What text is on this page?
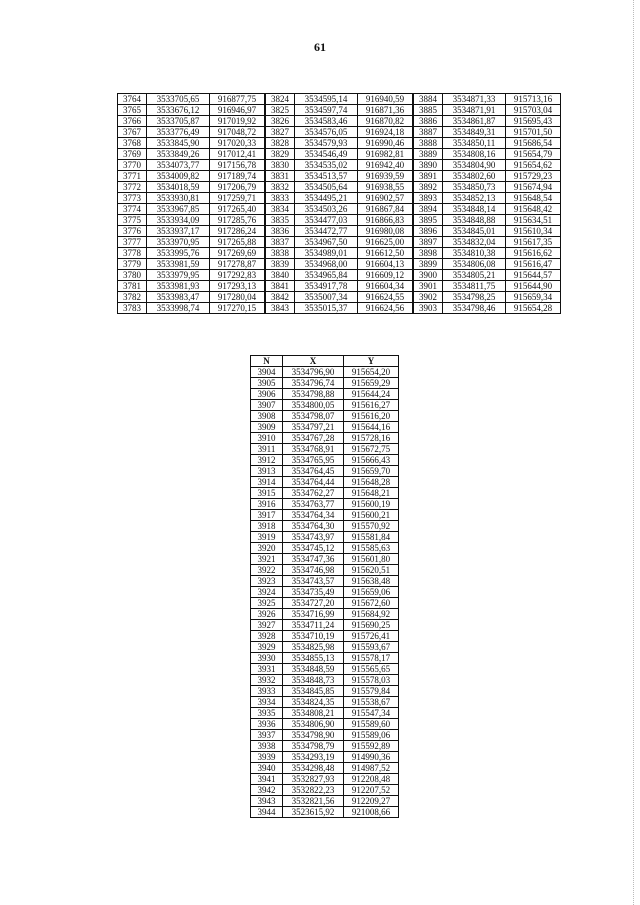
61
3764	3533705,65	916877,75	3824	3534595,14	916940,59	3884	3534871,33	915713,16
3765	3533676,12	916946,97	3825	3534597,74	916871,36	3885	3534871,91	915703,04
3766	3533705,87	917019,92	3826	3534583,46	916870,82	3886	3534861,87	915695,43
3767	3533776,49	917048,72	3827	3534576,05	916924,18	3887	3534849,31	915701,50
3768	3533845,90	917020,33	3828	3534579,93	916990,46	3888	3534850,11	915686,54
3769	3533849,26	917012,41	3829	3534546,49	916982,81	3889	3534808,16	915654,79
3770	3534073,77	917156,78	3830	3534535,02	916942,40	3890	3534804,90	915654,62
3771	3534009,82	917189,74	3831	3534513,57	916939,59	3891	3534802,60	915729,23
3772	3534018,59	917206,79	3832	3534505,64	916938,55	3892	3534850,73	915674,94
3773	3533930,81	917259,71	3833	3534495,21	916902,57	3893	3534852,13	915648,54
3774	3533967,85	917265,40	3834	3534503,26	916867,84	3894	3534848,14	915648,42
3775	3533934,09	917285,76	3835	3534477,03	916866,83	3895	3534848,88	915634,51
3776	3533937,17	917286,24	3836	3534472,77	916980,08	3896	3534845,01	915610,34
3777	3533970,95	917265,88	3837	3534967,50	916625,00	3897	3534832,04	915617,35
3778	3533995,76	917269,69	3838	3534989,01	916612,50	3898	3534810,38	915616,62
3779	3533981,59	917278,87	3839	3534968,00	916604,13	3899	3534806,08	915616,47
3780	3533979,95	917292,83	3840	3534965,84	916609,12	3900	3534805,21	915644,57
3781	3533981,93	917293,13	3841	3534917,78	916604,34	3901	3534811,75	915644,90
3782	3533983,47	917280,04	3842	3535007,34	916624,55	3902	3534798,25	915659,34
3783	3533998,74	917270,15	3843	3535015,37	916624,56	3903	3534798,46	915654,28
N	X	Y
3904	3534796,90	915654,20
3905	3534796,74	915659,29
3906	3534798,88	915644,24
3907	3534800,05	915616,27
3908	3534798,07	915616,20
3909	3534797,21	915644,16
3910	3534767,28	915728,16
3911	3534768,91	915672,75
3912	3534765,95	915666,43
3913	3534764,45	915659,70
3914	3534764,44	915648,28
3915	3534762,27	915648,21
3916	3534763,77	915600,19
3917	3534764,34	915600,21
3918	3534764,30	915570,92
3919	3534743,97	915581,84
3920	3534745,12	915585,63
3921	3534747,36	915601,80
3922	3534746,98	915620,51
3923	3534743,57	915638,48
3924	3534735,49	915659,06
3925	3534727,20	915672,60
3926	3534716,99	915684,92
3927	3534711,24	915690,25
3928	3534710,19	915726,41
3929	3534825,98	915593,67
3930	3534855,13	915578,17
3931	3534848,59	915565,65
3932	3534848,73	915578,03
3933	3534845,85	915579,84
3934	3534824,35	915538,67
3935	3534808,21	915547,34
3936	3534806,90	915589,60
3937	3534798,90	915589,06
3938	3534798,79	915592,89
3939	3534293,19	914990,36
3940	3534298,48	914987,52
3941	3532827,93	912208,48
3942	3532822,23	912207,52
3943	3532821,56	912209,27
3944	3523615,92	921008,66
